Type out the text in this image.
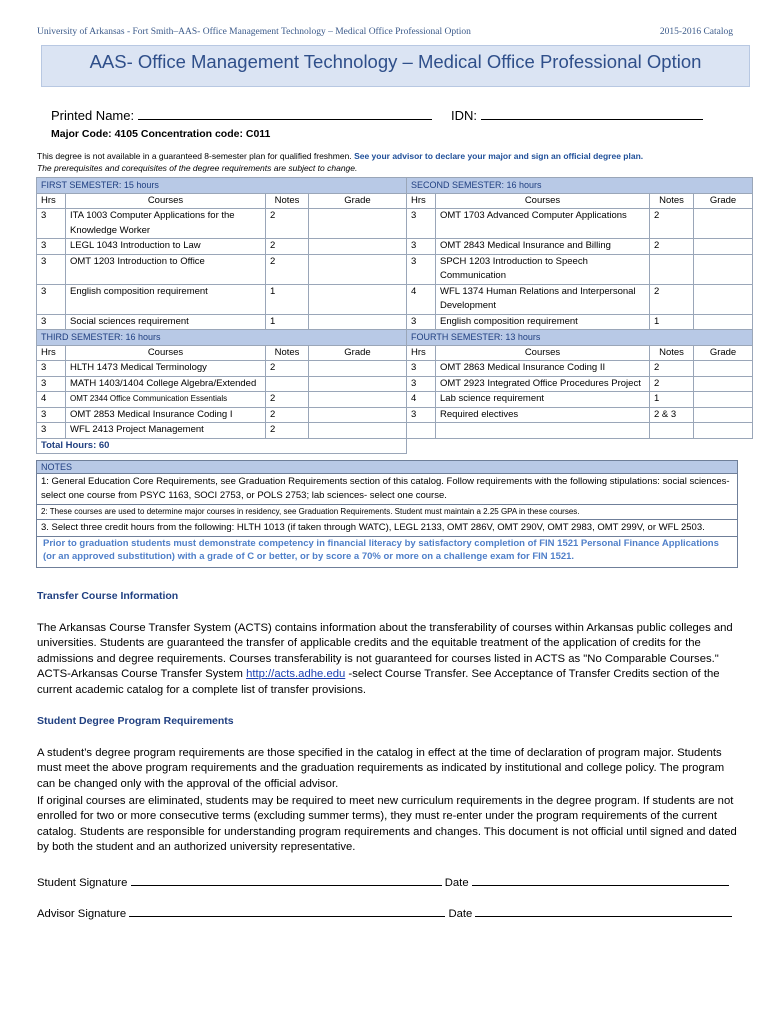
University of Arkansas - Fort Smith–AAS- Office Management Technology – Medical Office Professional Option	2015-2016 Catalog
AAS- Office Management Technology – Medical Office Professional Option
Printed Name:	IDN:
Major Code: 4105 Concentration code: C011
This degree is not available in a guaranteed 8-semester plan for qualified freshmen. See your advisor to declare your major and sign an official degree plan.
The prerequisites and corequisites of the degree requirements are subject to change.
FIRST SEMESTER: 15 hours				SECOND SEMESTER: 16 hours			
Hrs	Courses	Notes	Grade	Hrs	Courses	Notes	Grade
3	ITA 1003 Computer Applications for the Knowledge Worker	2		3	OMT 1703 Advanced Computer Applications	2	
3	LEGL 1043 Introduction to Law	2		3	OMT 2843 Medical Insurance and Billing	2	
3	OMT 1203 Introduction to Office	2		3	SPCH 1203 Introduction to Speech Communication		
3	English composition requirement	1		4	WFL 1374 Human Relations and Interpersonal Development	2	
3	Social sciences requirement	1		3	English composition requirement	1	
THIRD SEMESTER: 16 hours				FOURTH SEMESTER: 13 hours			
Hrs	Courses	Notes	Grade	Hrs	Courses	Notes	Grade
3	HLTH 1473 Medical Terminology	2		3	OMT 2863 Medical Insurance Coding II	2	
3	MATH 1403/1404 College Algebra/Extended			3	OMT 2923 Integrated Office Procedures Project	2	
4	OMT 2344 Office Communication Essentials	2		4	Lab science requirement	1	
3	OMT 2853 Medical Insurance Coding I	2		3	Required electives	2 & 3	
3	WFL 2413 Project Management	2					
Total Hours: 60							
NOTES
1: General Education Core Requirements, see Graduation Requirements section of this catalog. Follow requirements with the following stipulations: social sciences- select one course from PSYC 1163, SOCI 2753, or POLS 2753; lab sciences- select one course.
2: These courses are used to determine major courses in residency, see Graduation Requirements. Student must maintain a 2.25 GPA in these courses.
3. Select three credit hours from the following: HLTH 1013 (if taken through WATC), LEGL 2133, OMT 286V, OMT 290V, OMT 2983, OMT 299V, or WFL 2503.
Prior to graduation students must demonstrate competency in financial literacy by satisfactory completion of FIN 1521 Personal Finance Applications (or an approved substitution) with a grade of C or better, or by score a 70% or more on a challenge exam for FIN 1521.
Transfer Course Information
The Arkansas Course Transfer System (ACTS) contains information about the transferability of courses within Arkansas public colleges and universities. Students are guaranteed the transfer of applicable credits and the equitable treatment of the application of credits for the admissions and degree requirements. Courses transferability is not guaranteed for courses listed in ACTS as "No Comparable Courses." ACTS-Arkansas Course Transfer System http://acts.adhe.edu -select Course Transfer. See Acceptance of Transfer Credits section of the current academic catalog for a complete list of transfer provisions.
Student Degree Program Requirements
A student’s degree program requirements are those specified in the catalog in effect at the time of declaration of program major. Students must meet the above program requirements and the graduation requirements as indicated by institutional and college policy. The program can be changed only with the approval of the official advisor.
If original courses are eliminated, students may be required to meet new curriculum requirements in the degree program. If students are not enrolled for two or more consecutive terms (excluding summer terms), they must re-enter under the program requirements of the current catalog. Students are responsible for understanding program requirements and changes. This document is not official until signed and dated by both the student and an authorized university representative.
Student Signature	Date
Advisor Signature	Date
